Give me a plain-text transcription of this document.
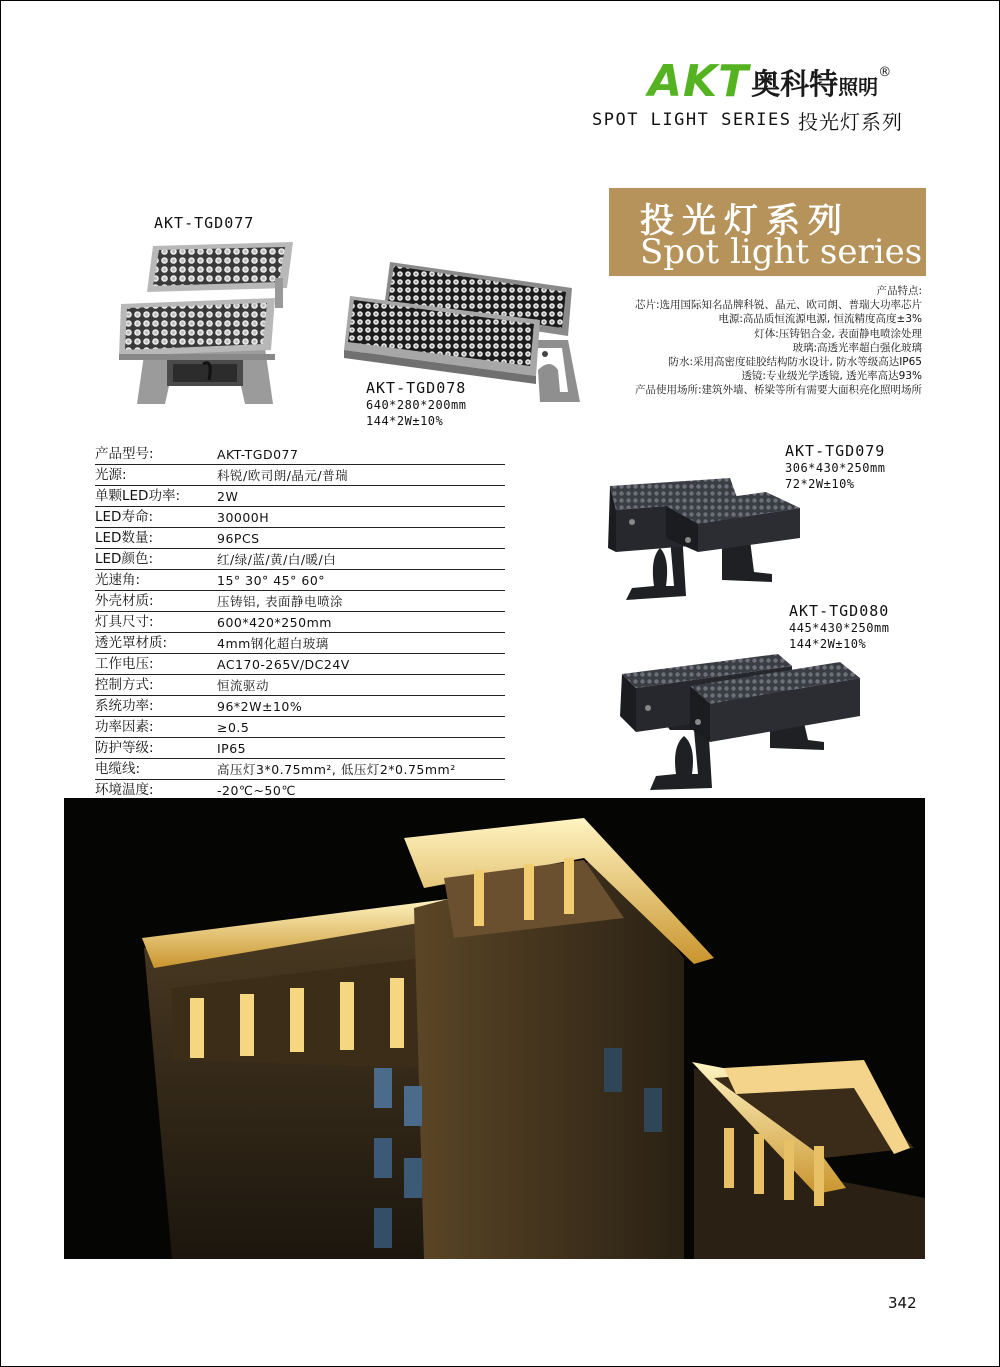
AKT 奥科特 照明
®
SPOT LIGHT SERIES 投光灯系列
投光灯系列
Spot light series
产品特点:
芯片:选用国际知名品牌科锐、晶元、欧司朗、普瑞大功率芯片
电源:高品质恒流源电源, 恒流精度高度±3%
灯体:压铸铝合金, 表面静电喷涂处理
玻璃:高透光率超白强化玻璃
防水:采用高密度硅胶结构防水设计, 防水等级高达IP65
透镜:专业级光学透镜, 透光率高达93%
产品使用场所:建筑外墙、桥梁等所有需要大面积亮化照明场所
AKT-TGD077
AKT-TGD078
640*280*200mm
144*2W±10%
AKT-TGD079
306*430*250mm
72*2W±10%
AKT-TGD080
445*430*250mm
144*2W±10%
产品型号:	AKT-TGD077
光源:	科锐/欧司朗/晶元/普瑞
单颗LED功率:	2W
LED寿命:	30000H
LED数量:	96PCS
LED颜色:	红/绿/蓝/黄/白/暖/白
光速角:	15° 30° 45° 60°
外壳材质:	压铸铝, 表面静电喷涂
灯具尺寸:	600*420*250mm
透光罩材质:	4mm钢化超白玻璃
工作电压:	AC170-265V/DC24V
控制方式:	恒流驱动
系统功率:	96*2W±10%
功率因素:	≥0.5
防护等级:	IP65
电缆线:	高压灯3*0.75mm², 低压灯2*0.75mm²
环境温度:	-20℃~50℃
342
